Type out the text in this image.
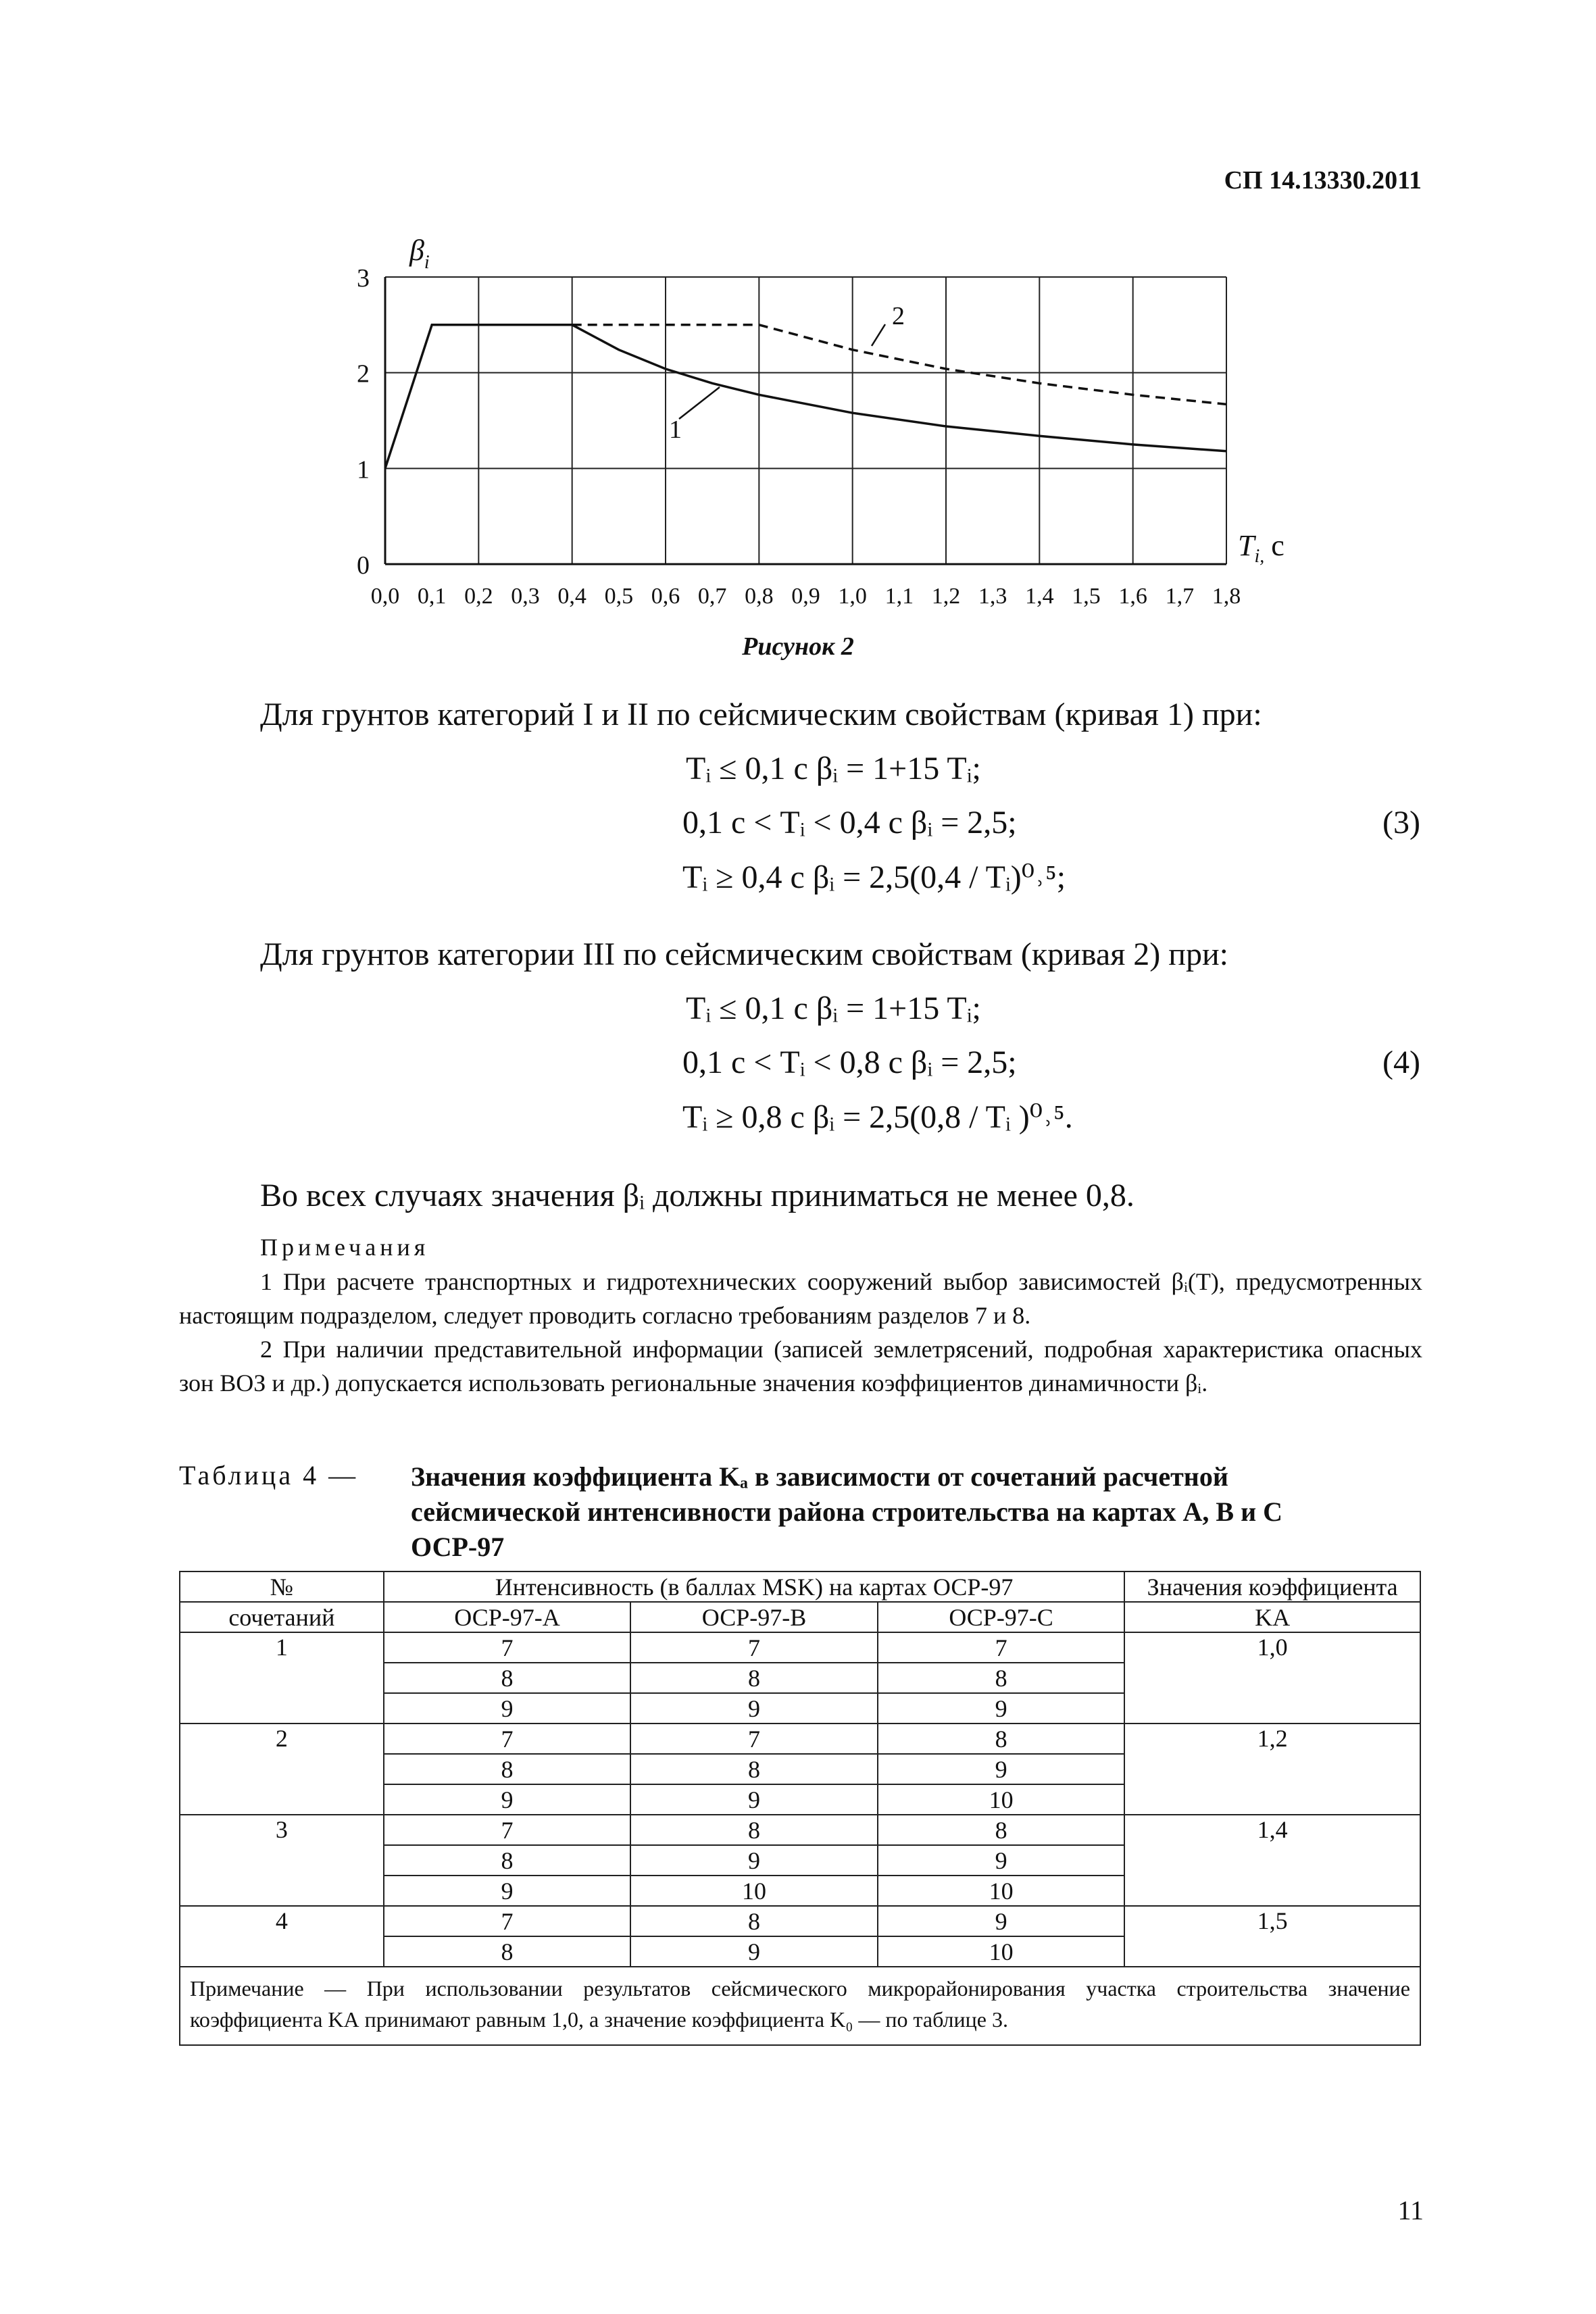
СП 14.13330.2011
0
1
2
3
0,0 0,1 0,2 0,3 0,4 0,5 0,6 0,7 0,8 0,9 1,0 1,1 1,2 1,3 1,4 1,5 1,6 1,7 1,8
$\beta_i$
$T_{i,}$ с
1
2
Рисунок 2
Для грунтов категорий I и II по сейсмическим свойствам (кривая 1) при:
Tᵢ ≤ 0,1 с βᵢ = 1+15 Tᵢ;
0,1 с < Tᵢ < 0,4 с βᵢ = 2,5;
Tᵢ ≥ 0,4 с βᵢ = 2,5(0,4 / Tᵢ)⁰˒⁵;
(3)
Для грунтов категории III по сейсмическим свойствам (кривая 2) при:
Tᵢ ≤ 0,1 с βᵢ = 1+15 Tᵢ;
0,1 с < Tᵢ < 0,8 с βᵢ = 2,5;
Tᵢ ≥ 0,8 с βᵢ = 2,5(0,8 / Tᵢ )⁰˒⁵.
(4)
Во всех случаях значения βᵢ должны приниматься не менее 0,8.
Примечания
1 При расчете транспортных и гидротехнических сооружений выбор зависимостей βᵢ(T), предусмотренных настоящим подразделом, следует проводить согласно требованиям разделов 7 и 8.
2 При наличии представительной информации (записей землетрясений, подробная характеристика опасных зон ВОЗ и др.) допускается использовать региональные значения коэффициентов динамичности βᵢ.
Таблица 4 — Значения коэффициента Kₐ в зависимости от сочетаний расчетной сейсмической интенсивности района строительства на картах А, В и С ОСР-97
№	Интенсивность (в баллах MSK) на картах ОСР-97			Значения коэффициента
сочетаний	ОСР-97-А	ОСР-97-В	ОСР-97-С	KА
1	7	7	7	1,0
	8	8	8	
	9	9	9	
2	7	7	8	1,2
	8	8	9	
	9	9	10	
3	7	8	8	1,4
	8	9	9	
	9	10	10	
4	7	8	9	1,5
	8	9	10	
Примечание — При использовании результатов сейсмического микрорайонирования участка строительства значение коэффициента KА принимают равным 1,0, а значение коэффициента K₀ — по таблице 3.				
11
